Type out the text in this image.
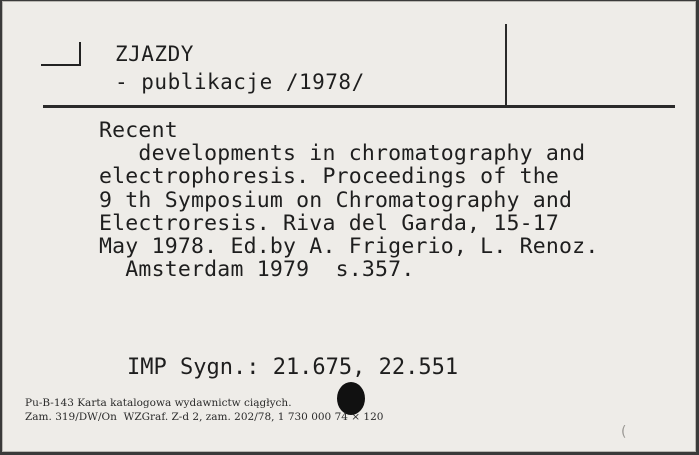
ZJAZDY
- publikacje /1978/
Recent
developments in chromatography and
electrophoresis. Proceedings of the
9 th Symposium on Chromatography and
Electroresis. Riva del Garda, 15-17
May 1978. Ed.by A. Frigerio, L. Renoz.
Amsterdam 1979  s.357.
IMP Sygn.: 21.675, 22.551
Pu-B-143 Karta katalogowa wydawnictw ciągłych.
Zam. 319/DW/On  WZGraf. Z-d 2, zam. 202/78, 1 730 000 74 × 120
(
